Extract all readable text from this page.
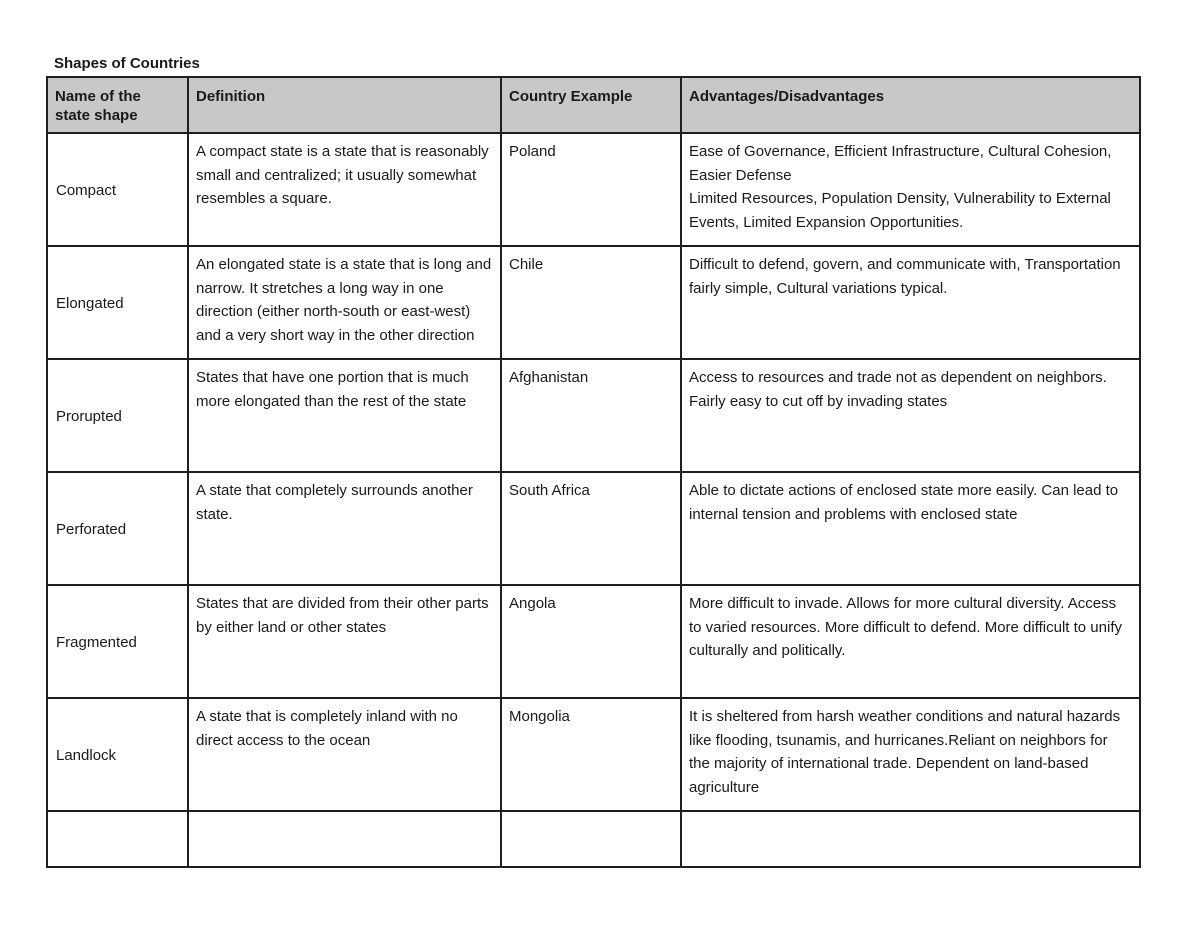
Shapes of Countries
Name of the state shape	Definition	Country Example	Advantages/Disadvantages
Compact	A compact state is a state that is reasonably small and centralized; it usually somewhat resembles a square.	Poland	Ease of Governance, Efficient Infrastructure, Cultural Cohesion, Easier Defense
Limited Resources, Population Density, Vulnerability to External Events, Limited Expansion Opportunities.

Elongated	An elongated state is a state that is long and narrow. It stretches a long way in one direction (either north-south or east-west) and a very short way in the other direction	Chile	Difficult to defend, govern, and communicate with, Transportation fairly simple, Cultural variations typical.

Prorupted	States that have one portion that is much more elongated than the rest of the state	Afghanistan	Access to resources and trade not as dependent on neighbors. Fairly easy to cut off by invading states

Perforated	A state that completely surrounds another state.	South Africa	Able to dictate actions of enclosed state more easily. Can lead to internal tension and problems with enclosed state

Fragmented	States that are divided from their other parts by either land or other states	Angola	More difficult to invade. Allows for more cultural diversity. Access to varied resources. More difficult to defend. More difficult to unify culturally and politically.

Landlock	A state that is completely inland with no direct access to the ocean	Mongolia	It is sheltered from harsh weather conditions and natural hazards like flooding, tsunamis, and hurricanes.Reliant on neighbors for the majority of international trade. Dependent on land-based agriculture
